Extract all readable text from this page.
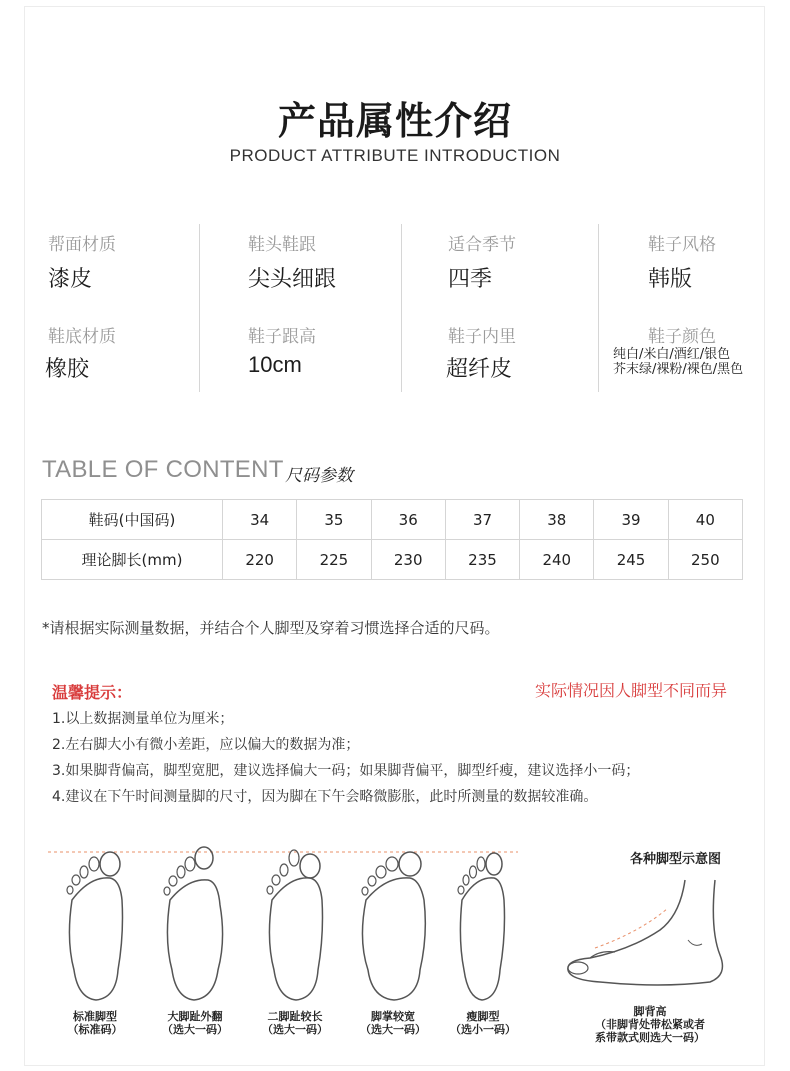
产品属性介绍
PRODUCT ATTRIBUTE INTRODUCTION
帮面材质
漆皮
鞋头鞋跟
尖头细跟
适合季节
四季
鞋子风格
韩版
鞋底材质
橡胶
鞋子跟高
10cm
鞋子内里
超纤皮
鞋子颜色
纯白/米白/酒红/银色
芥末绿/裸粉/裸色/黑色
TABLE OF CONTENT 尺码参数
鞋码(中国码)	34	35	36	37	38	39	40
理论脚长(mm)	220	225	230	235	240	245	250
*请根据实际测量数据，并结合个人脚型及穿着习惯选择合适的尺码。
温馨提示：	实际情况因人脚型不同而异
1.以上数据测量单位为厘米；
2.左右脚大小有微小差距，应以偏大的数据为准；
3.如果脚背偏高，脚型宽肥，建议选择偏大一码；如果脚背偏平，脚型纤瘦，建议选择小一码；
4.建议在下午时间测量脚的尺寸，因为脚在下午会略微膨胀，此时所测量的数据较准确。
标准脚型
（标准码）
大脚趾外翻
（选大一码）
二脚趾较长
（选大一码）
脚掌较宽
（选大一码）
瘦脚型
（选小一码）
各种脚型示意图
脚背高
（非脚背处带松紧或者
系带款式则选大一码）
